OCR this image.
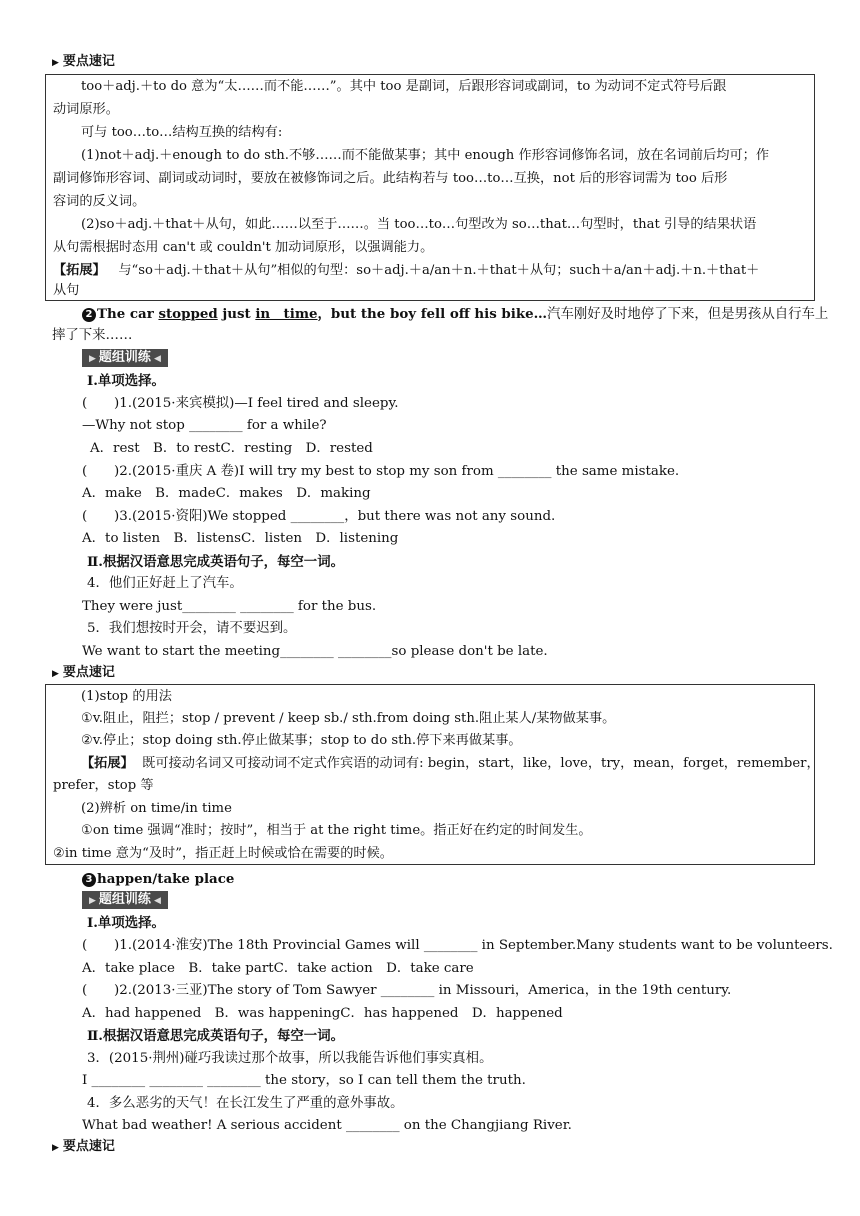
▶ 要点速记
too＋adj.＋to do 意为“太……而不能……”。其中 too 是副词，后跟形容词或副词，to 为动词不定式符号后跟
动词原形。
可与 too…to…结构互换的结构有:
(1)not＋adj.＋enough to do sth.不够……而不能做某事；其中 enough 作形容词修饰名词，放在名词前后均可；作
副词修饰形容词、副词或动词时，要放在被修饰词之后。此结构若与 too…to…互换，not 后的形容词需为 too 后形
容词的反义词。
(2)so＋adj.＋that＋从句，如此……以至于……。当 too…to…句型改为 so…that…句型时，that 引导的结果状语
从句需根据时态用 can't 或 couldn't 加动词原形，以强调能力。
【拓展】 与“so＋adj.＋that＋从句”相似的句型：so＋adj.＋a/an＋n.＋that＋从句；such＋a/an＋adj.＋n.＋that＋
从句
2 The car stopped just in　time，but the boy fell off his bike…汽车刚好及时地停了下来，但是男孩从自行车上
摔了下来……
▶ 题组训练 ◀
Ⅰ.单项选择。
(　　)1.(2015·来宾模拟)—I feel tired and sleepy.
—Why not stop ________ for a while?
A．rest　B．to restC．resting　D．rested
(　　)2.(2015·重庆 A 卷)I will try my best to stop my son from ________ the same mistake.
A．make　B．madeC．makes　D．making
(　　)3.(2015·资阳)We stopped ________，but there was not any sound.
A．to listen　B．listensC．listen　D．listening
Ⅱ.根据汉语意思完成英语句子，每空一词。
4．他们正好赶上了汽车。
They were just________ ________ for the bus.
5．我们想按时开会，请不要迟到。
We want to start the meeting________ ________so please don't be late.
▶ 要点速记
(1)stop 的用法
①v.阻止，阻拦；stop / prevent / keep sb./ sth.from doing sth.阻止某人/某物做某事。
②v.停止；stop doing sth.停止做某事；stop to do sth.停下来再做某事。
【拓展】 既可接动名词又可接动词不定式作宾语的动词有: begin，start，like，love，try，mean，forget，remember，
prefer，stop 等
(2)辨析 on time/in time
①on time 强调“准时；按时”，相当于 at the right time。指正好在约定的时间发生。
②in time 意为“及时”，指正赶上时候或恰在需要的时候。
3 happen/take place
▶ 题组训练 ◀
Ⅰ.单项选择。
(　　)1.(2014·淮安)The 18th Provincial Games will ________ in September.Many students want to be volunteers.
A．take place　B．take partC．take action　D．take care
(　　)2.(2013·三亚)The story of Tom Sawyer ________ in Missouri，America，in the 19th century.
A．had happened　B．was happeningC．has happened　D．happened
Ⅱ.根据汉语意思完成英语句子，每空一词。
3．(2015·荆州)碰巧我读过那个故事，所以我能告诉他们事实真相。
I ________ ________ ________ the story，so I can tell them the truth.
4．多么恶劣的天气！在长江发生了严重的意外事故。
What bad weather! A serious accident ________ on the Changjiang River.
▶ 要点速记
